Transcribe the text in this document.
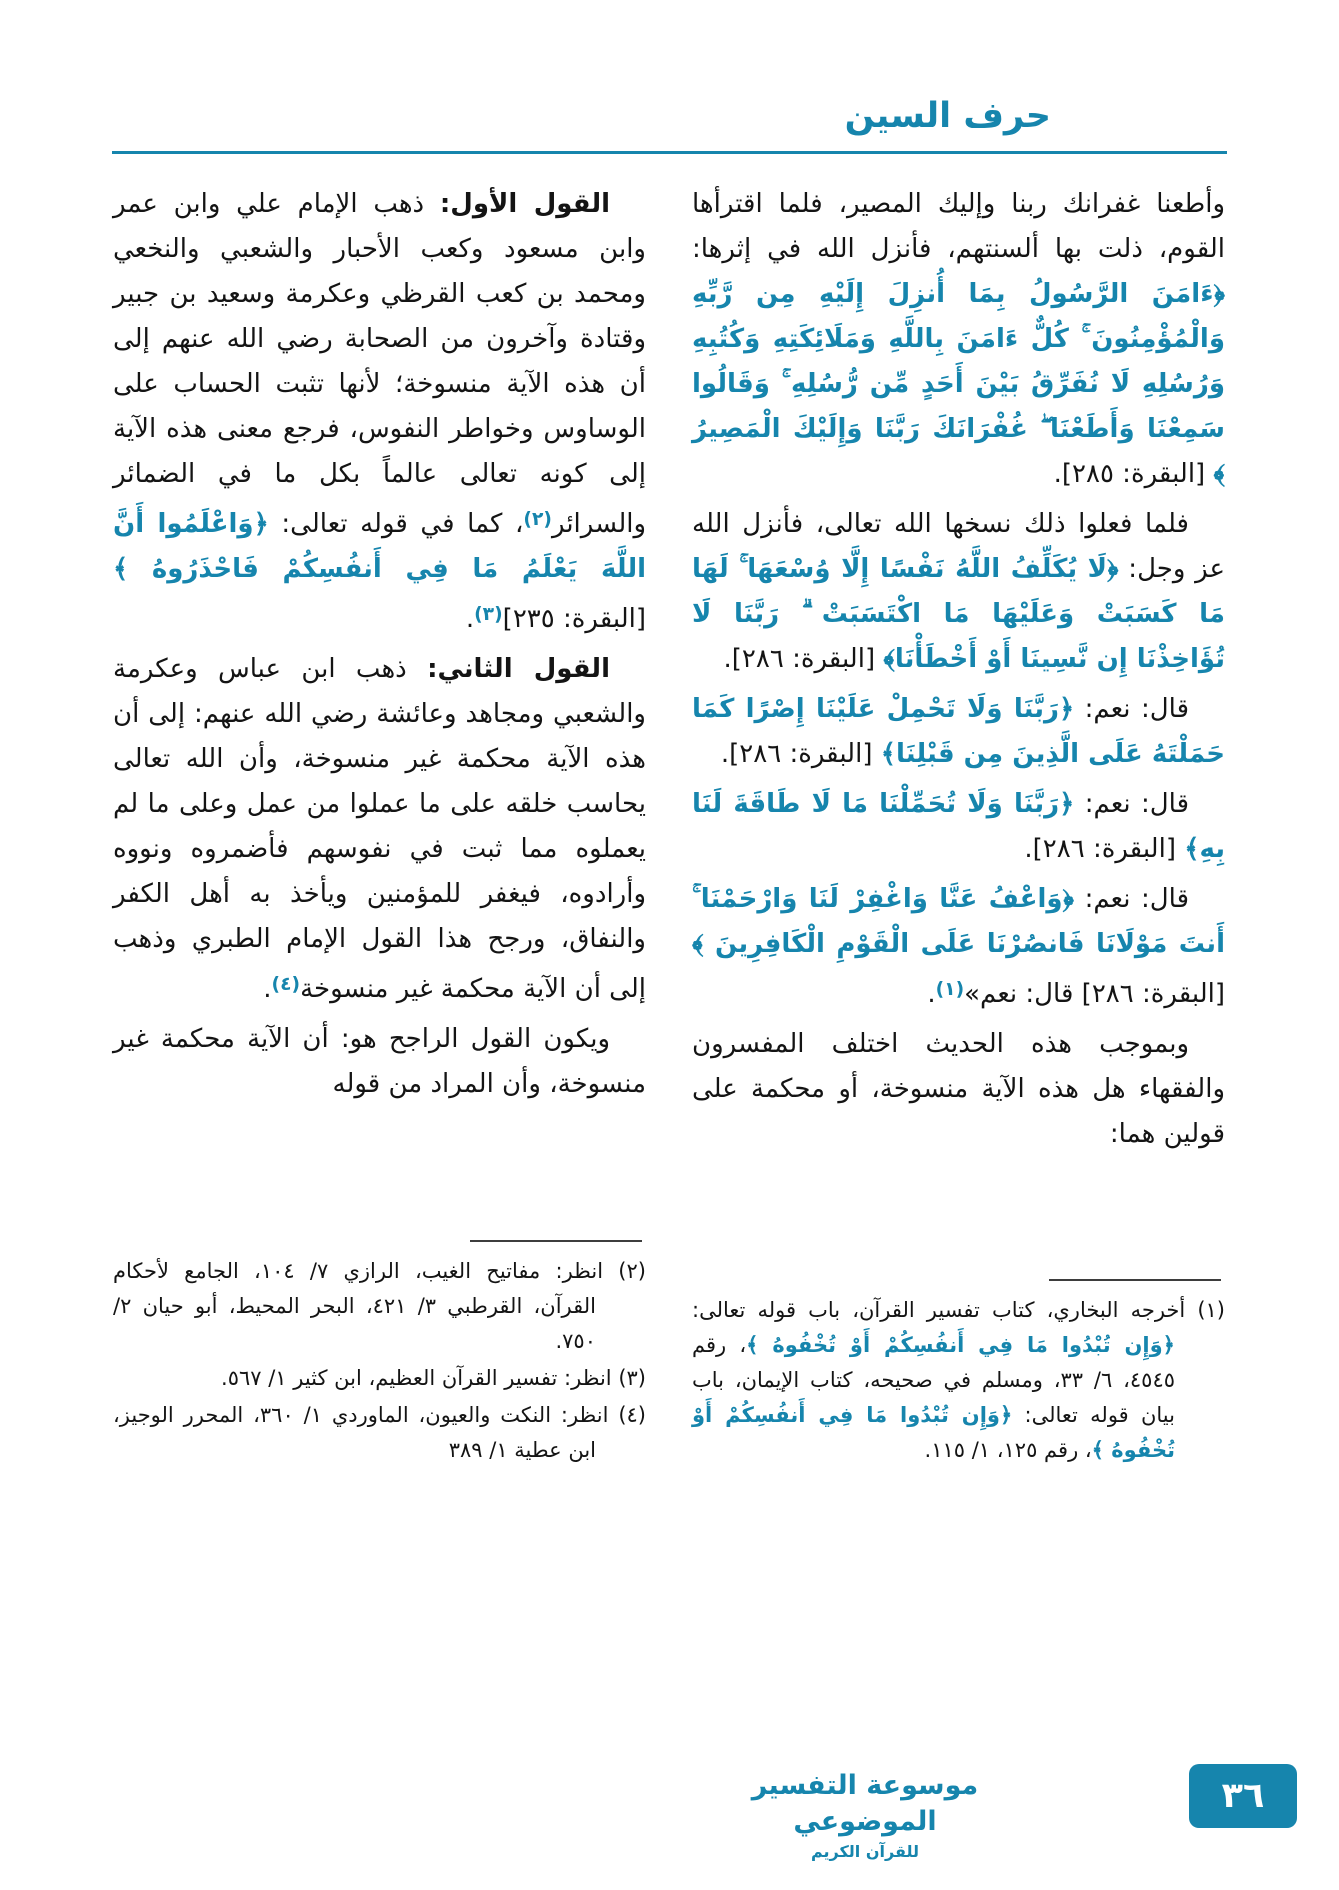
حرف السين

وأطعنا غفرانك ربنا وإليك المصير، فلما اقترأها القوم، ذلت بها ألسنتهم، فأنزل الله في إثرها: ﴿ءَامَنَ الرَّسُولُ بِمَا أُنزِلَ إِلَيْهِ مِن رَّبِّهِ وَالْمُؤْمِنُونَ ۚ كُلٌّ ءَامَنَ بِاللَّهِ وَمَلَائِكَتِهِ وَكُتُبِهِ وَرُسُلِهِ لَا نُفَرِّقُ بَيْنَ أَحَدٍ مِّن رُّسُلِهِ ۚ وَقَالُوا سَمِعْنَا وَأَطَعْنَا ۖ غُفْرَانَكَ رَبَّنَا وَإِلَيْكَ الْمَصِيرُ ﴾ [البقرة: ٢٨٥].

فلما فعلوا ذلك نسخها الله تعالى، فأنزل الله عز وجل: ﴿لَا يُكَلِّفُ اللَّهُ نَفْسًا إِلَّا وُسْعَهَا ۚ لَهَا مَا كَسَبَتْ وَعَلَيْهَا مَا اكْتَسَبَتْ ۗ رَبَّنَا لَا تُؤَاخِذْنَا إِن نَّسِينَا أَوْ أَخْطَأْنَا﴾ [البقرة: ٢٨٦].

قال: نعم: ﴿رَبَّنَا وَلَا تَحْمِلْ عَلَيْنَا إِصْرًا كَمَا حَمَلْتَهُ عَلَى الَّذِينَ مِن قَبْلِنَا﴾ [البقرة: ٢٨٦].

قال: نعم: ﴿رَبَّنَا وَلَا تُحَمِّلْنَا مَا لَا طَاقَةَ لَنَا بِهِ﴾ [البقرة: ٢٨٦].

قال: نعم: ﴿وَاعْفُ عَنَّا وَاغْفِرْ لَنَا وَارْحَمْنَا ۚ أَنتَ مَوْلَانَا فَانصُرْنَا عَلَى الْقَوْمِ الْكَافِرِينَ ﴾ [البقرة: ٢٨٦] قال: نعم»$^{(١)}$.

وبموجب هذه الحديث اختلف المفسرون والفقهاء هل هذه الآية منسوخة، أو محكمة على قولين هما:

(١) أخرجه البخاري، كتاب تفسير القرآن، باب قوله تعالى: ﴿وَإِن تُبْدُوا مَا فِي أَنفُسِكُمْ أَوْ تُخْفُوهُ ﴾، رقم ٤٥٤٥، ٦/ ٣٣، ومسلم في صحيحه، كتاب الإيمان، باب بيان قوله تعالى: ﴿وَإِن تُبْدُوا مَا فِي أَنفُسِكُمْ أَوْ تُخْفُوهُ ﴾، رقم ١٢٥، ١/ ١١٥.

القول الأول: ذهب الإمام علي وابن عمر وابن مسعود وكعب الأحبار والشعبي والنخعي ومحمد بن كعب القرظي وعكرمة وسعيد بن جبير وقتادة وآخرون من الصحابة رضي الله عنهم إلى أن هذه الآية منسوخة؛ لأنها تثبت الحساب على الوساوس وخواطر النفوس، فرجع معنى هذه الآية إلى كونه تعالى عالماً بكل ما في الضمائر والسرائر$^{(٢)}$، كما في قوله تعالى: ﴿وَاعْلَمُوا أَنَّ اللَّهَ يَعْلَمُ مَا فِي أَنفُسِكُمْ فَاحْذَرُوهُ ﴾ [البقرة: ٢٣٥]$^{(٣)}$.

القول الثاني: ذهب ابن عباس وعكرمة والشعبي ومجاهد وعائشة رضي الله عنهم: إلى أن هذه الآية محكمة غير منسوخة، وأن الله تعالى يحاسب خلقه على ما عملوا من عمل وعلى ما لم يعملوه مما ثبت في نفوسهم فأضمروه ونووه وأرادوه، فيغفر للمؤمنين ويأخذ به أهل الكفر والنفاق، ورجح هذا القول الإمام الطبري وذهب إلى أن الآية محكمة غير منسوخة$^{(٤)}$.

ويكون القول الراجح هو: أن الآية محكمة غير منسوخة، وأن المراد من قوله

(٢) انظر: مفاتيح الغيب، الرازي ٧/ ١٠٤، الجامع لأحكام القرآن، القرطبي ٣/ ٤٢١، البحر المحيط، أبو حيان ٢/ ٧٥٠.

(٣) انظر: تفسير القرآن العظيم، ابن كثير ١/ ٥٦٧.

(٤) انظر: النكت والعيون، الماوردي ١/ ٣٦٠، المحرر الوجيز، ابن عطية ١/ ٣٨٩

موسوعة التفسير الموضوعي
للقرآن الكريم
٣٦
